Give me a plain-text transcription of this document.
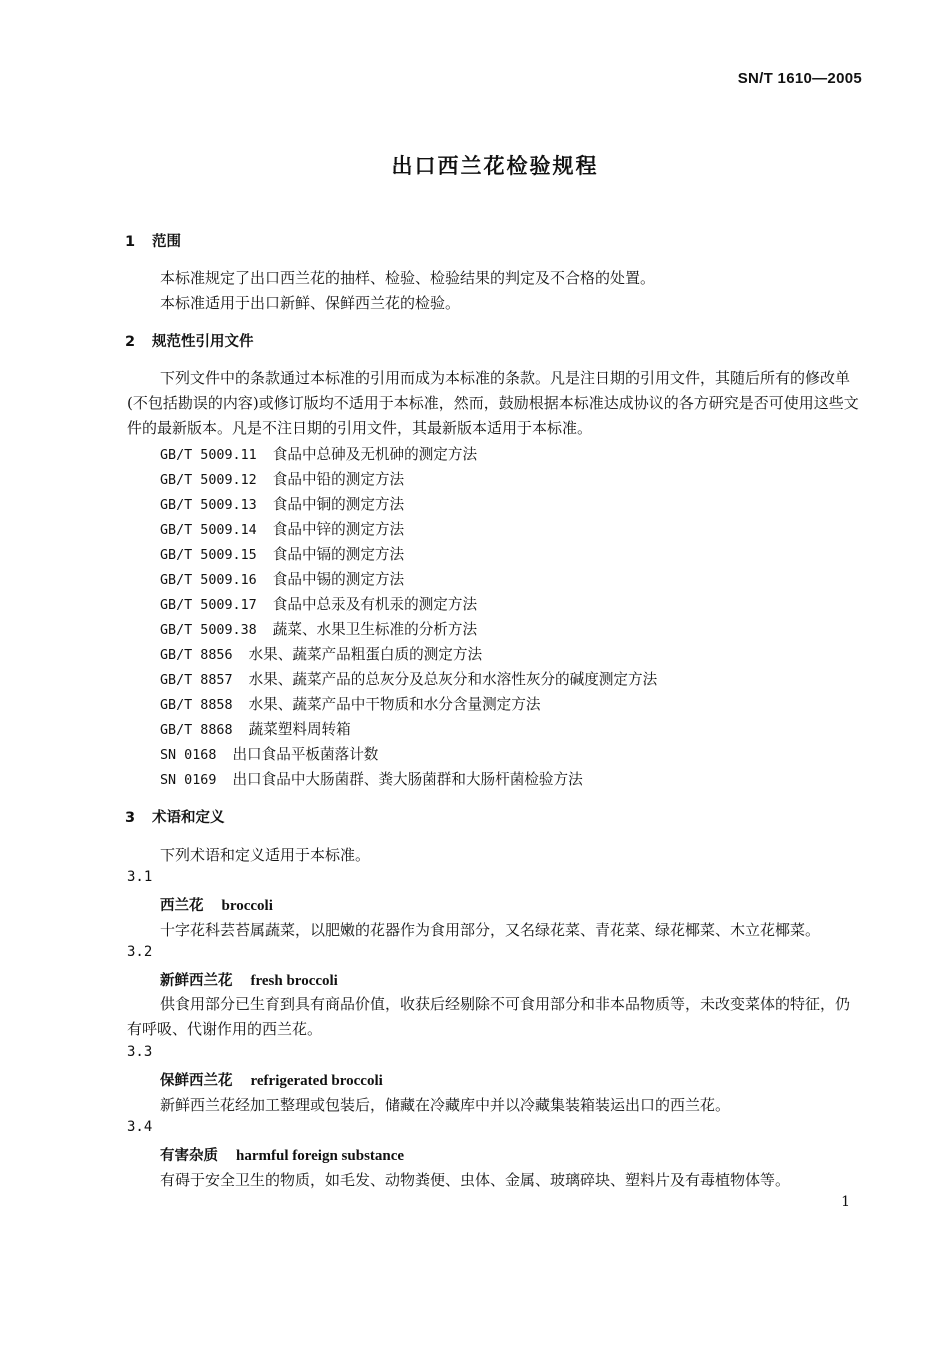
SN/T 1610—2005
出口西兰花检验规程
1 范围
本标准规定了出口西兰花的抽样、检验、检验结果的判定及不合格的处置。
本标准适用于出口新鲜、保鲜西兰花的检验。
2 规范性引用文件
下列文件中的条款通过本标准的引用而成为本标准的条款。凡是注日期的引用文件，其随后所有的修改单(不包括勘误的内容)或修订版均不适用于本标准，然而，鼓励根据本标准达成协议的各方研究是否可使用这些文件的最新版本。凡是不注日期的引用文件，其最新版本适用于本标准。
GB/T 5009.11 食品中总砷及无机砷的测定方法
GB/T 5009.12 食品中铅的测定方法
GB/T 5009.13 食品中铜的测定方法
GB/T 5009.14 食品中锌的测定方法
GB/T 5009.15 食品中镉的测定方法
GB/T 5009.16 食品中锡的测定方法
GB/T 5009.17 食品中总汞及有机汞的测定方法
GB/T 5009.38 蔬菜、水果卫生标准的分析方法
GB/T 8856 水果、蔬菜产品粗蛋白质的测定方法
GB/T 8857 水果、蔬菜产品的总灰分及总灰分和水溶性灰分的碱度测定方法
GB/T 8858 水果、蔬菜产品中干物质和水分含量测定方法
GB/T 8868 蔬菜塑料周转箱
SN 0168 出口食品平板菌落计数
SN 0169 出口食品中大肠菌群、粪大肠菌群和大肠杆菌检验方法
3 术语和定义
下列术语和定义适用于本标准。
3.1
西兰花 broccoli
十字花科芸苔属蔬菜，以肥嫩的花器作为食用部分，又名绿花菜、青花菜、绿花椰菜、木立花椰菜。
3.2
新鲜西兰花 fresh broccoli
供食用部分已生育到具有商品价值，收获后经剔除不可食用部分和非本品物质等，未改变菜体的特征，仍有呼吸、代谢作用的西兰花。
3.3
保鲜西兰花 refrigerated broccoli
新鲜西兰花经加工整理或包装后，储藏在冷藏库中并以冷藏集装箱装运出口的西兰花。
3.4
有害杂质 harmful foreign substance
有碍于安全卫生的物质，如毛发、动物粪便、虫体、金属、玻璃碎块、塑料片及有毒植物体等。
1
